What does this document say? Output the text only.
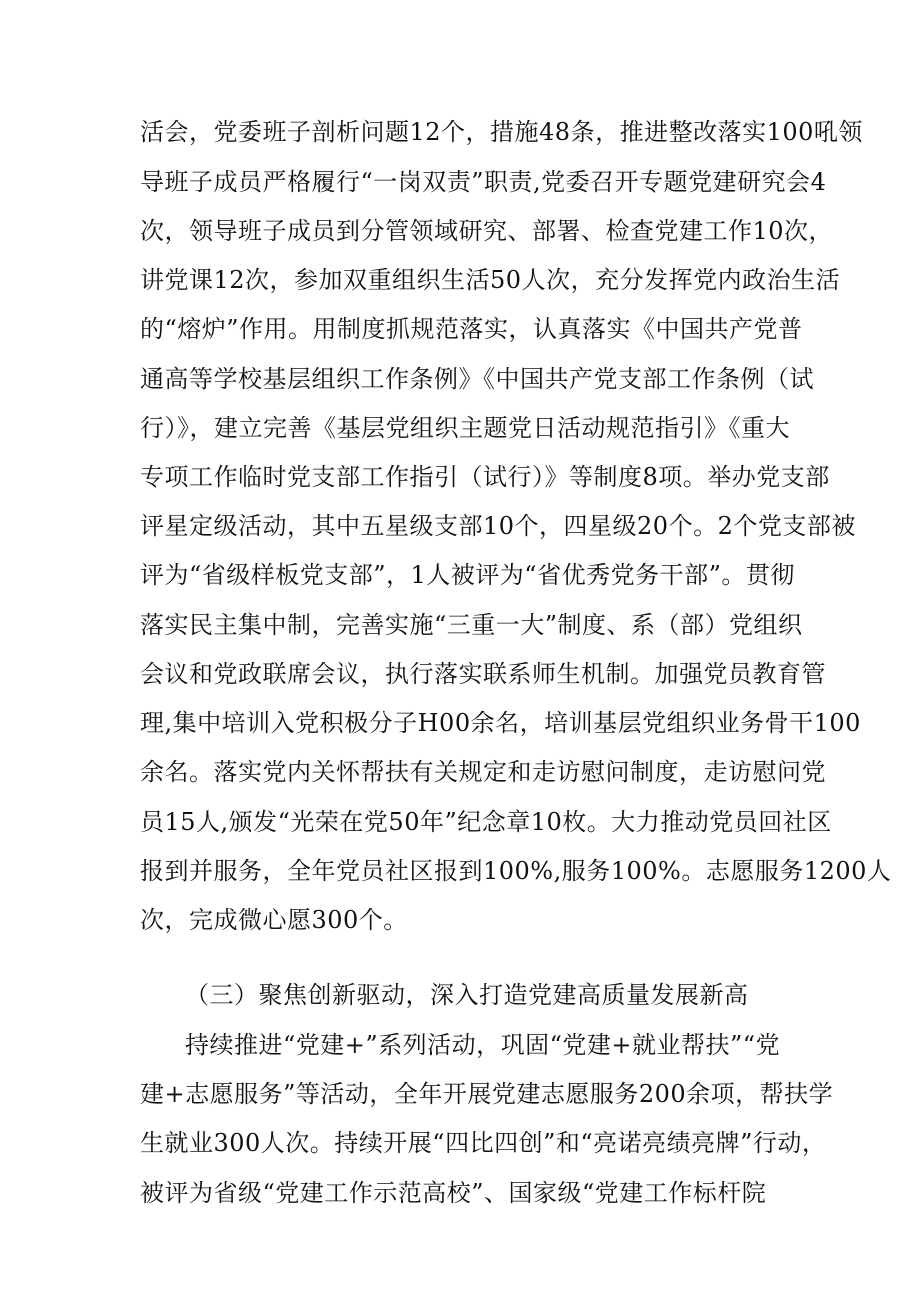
活会，党委班子剖析问题12个，措施48条，推进整改落实100吼领
导班子成员严格履行“一岗双责”职责,党委召开专题党建研究会4
次，领导班子成员到分管领域研究、部署、检查党建工作10次，
讲党课12次，参加双重组织生活50人次，充分发挥党内政治生活
的“熔炉”作用。用制度抓规范落实，认真落实《中国共产党普
通高等学校基层组织工作条例》《中国共产党支部工作条例（试
行）》，建立完善《基层党组织主题党日活动规范指引》《重大
专项工作临时党支部工作指引（试行）》等制度8项。举办党支部
评星定级活动，其中五星级支部10个，四星级20个。2个党支部被
评为“省级样板党支部”，1人被评为“省优秀党务干部”。贯彻
落实民主集中制，完善实施“三重一大”制度、系（部）党组织
会议和党政联席会议，执行落实联系师生机制。加强党员教育管
理,集中培训入党积极分子H00余名，培训基层党组织业务骨干100
余名。落实党内关怀帮扶有关规定和走访慰问制度，走访慰问党
员15人,颁发“光荣在党50年”纪念章10枚。大力推动党员回社区
报到并服务，全年党员社区报到100%,服务100%。志愿服务1200人
次，完成微心愿300个。
（三）聚焦创新驱动，深入打造党建高质量发展新高
持续推进“党建+”系列活动，巩固“党建+就业帮扶”“党
建+志愿服务”等活动，全年开展党建志愿服务200余项，帮扶学
生就业300人次。持续开展“四比四创”和“亮诺亮绩亮牌”行动，
被评为省级“党建工作示范高校”、国家级“党建工作标杆院
